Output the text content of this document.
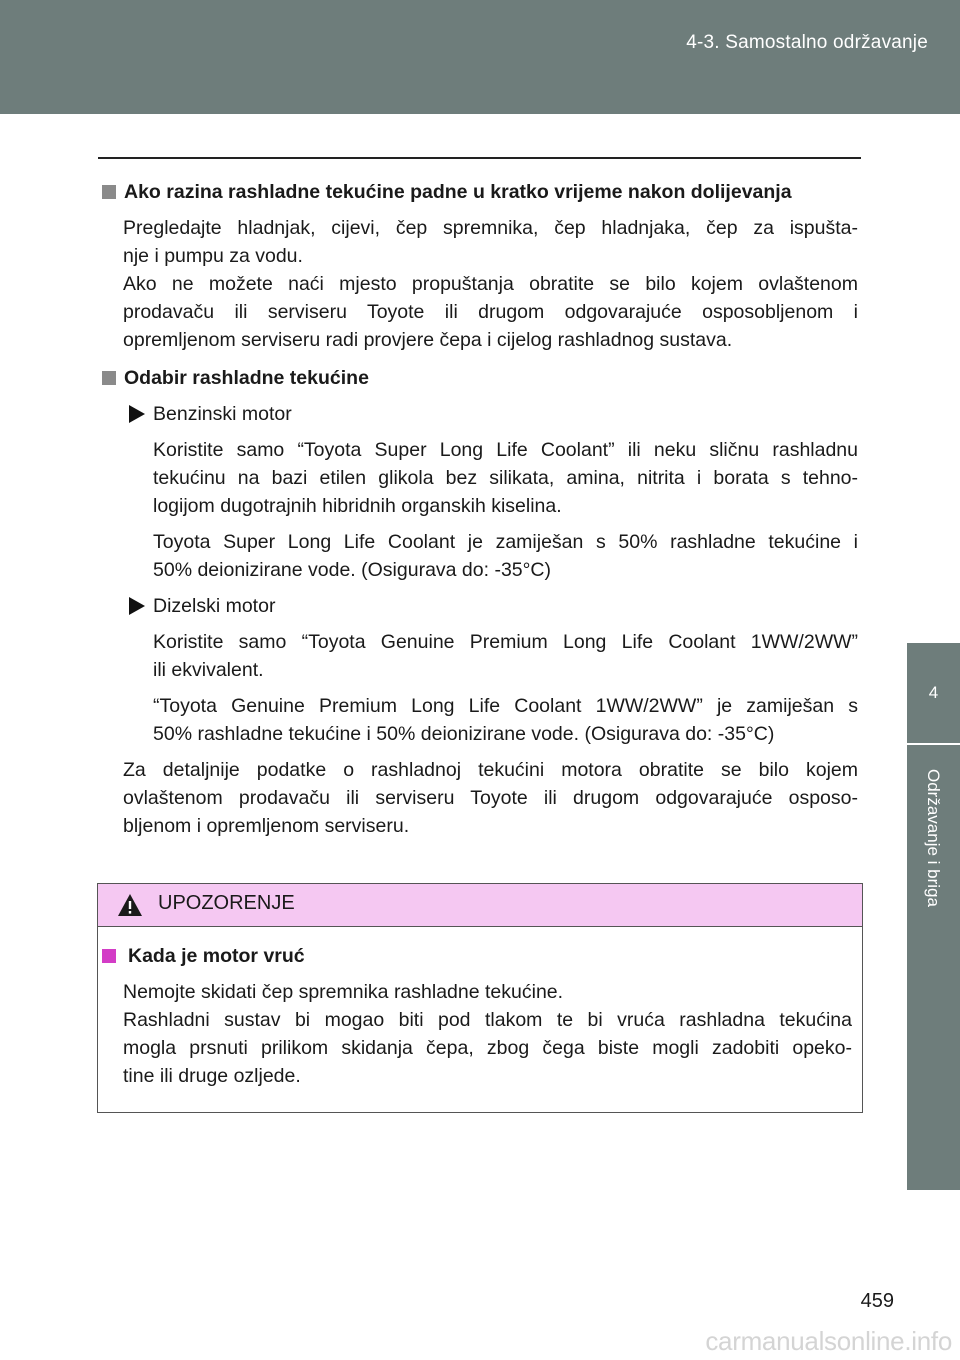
4-3. Samostalno održavanje
4
Održavanje i briga
Ako razina rashladne tekućine padne u kratko vrijeme nakon dolijevanja
Pregledajte hladnjak, cijevi, čep spremnika, čep hladnjaka, čep za ispušta-
nje i pumpu za vodu.
Ako ne možete naći mjesto propuštanja obratite se bilo kojem ovlaštenom
prodavaču ili serviseru Toyote ili drugom odgovarajuće osposobljenom i
opremljenom serviseru radi provjere čepa i cijelog rashladnog sustava.
Odabir rashladne tekućine
Benzinski motor
Koristite samo “Toyota Super Long Life Coolant” ili neku sličnu rashladnu
tekućinu na bazi etilen glikola bez silikata, amina, nitrita i borata s tehno-
logijom dugotrajnih hibridnih organskih kiselina.
Toyota Super Long Life Coolant je zamiješan s 50% rashladne tekućine i
50% deionizirane vode. (Osigurava do: -35°C)
Dizelski motor
Koristite samo “Toyota Genuine Premium Long Life Coolant 1WW/2WW”
ili ekvivalent.
“Toyota Genuine Premium Long Life Coolant 1WW/2WW” je zamiješan s
50% rashladne tekućine i 50% deionizirane vode. (Osigurava do: -35°C)
Za detaljnije podatke o rashladnoj tekućini motora obratite se bilo kojem
ovlaštenom prodavaču ili serviseru Toyote ili drugom odgovarajuće osposo-
bljenom i opremljenom serviseru.
UPOZORENJE
Kada je motor vruć
Nemojte skidati čep spremnika rashladne tekućine.
Rashladni sustav bi mogao biti pod tlakom te bi vruća rashladna tekućina
mogla prsnuti prilikom skidanja čepa, zbog čega biste mogli zadobiti opeko-
tine ili druge ozljede.
459
carmanualsonline.info
